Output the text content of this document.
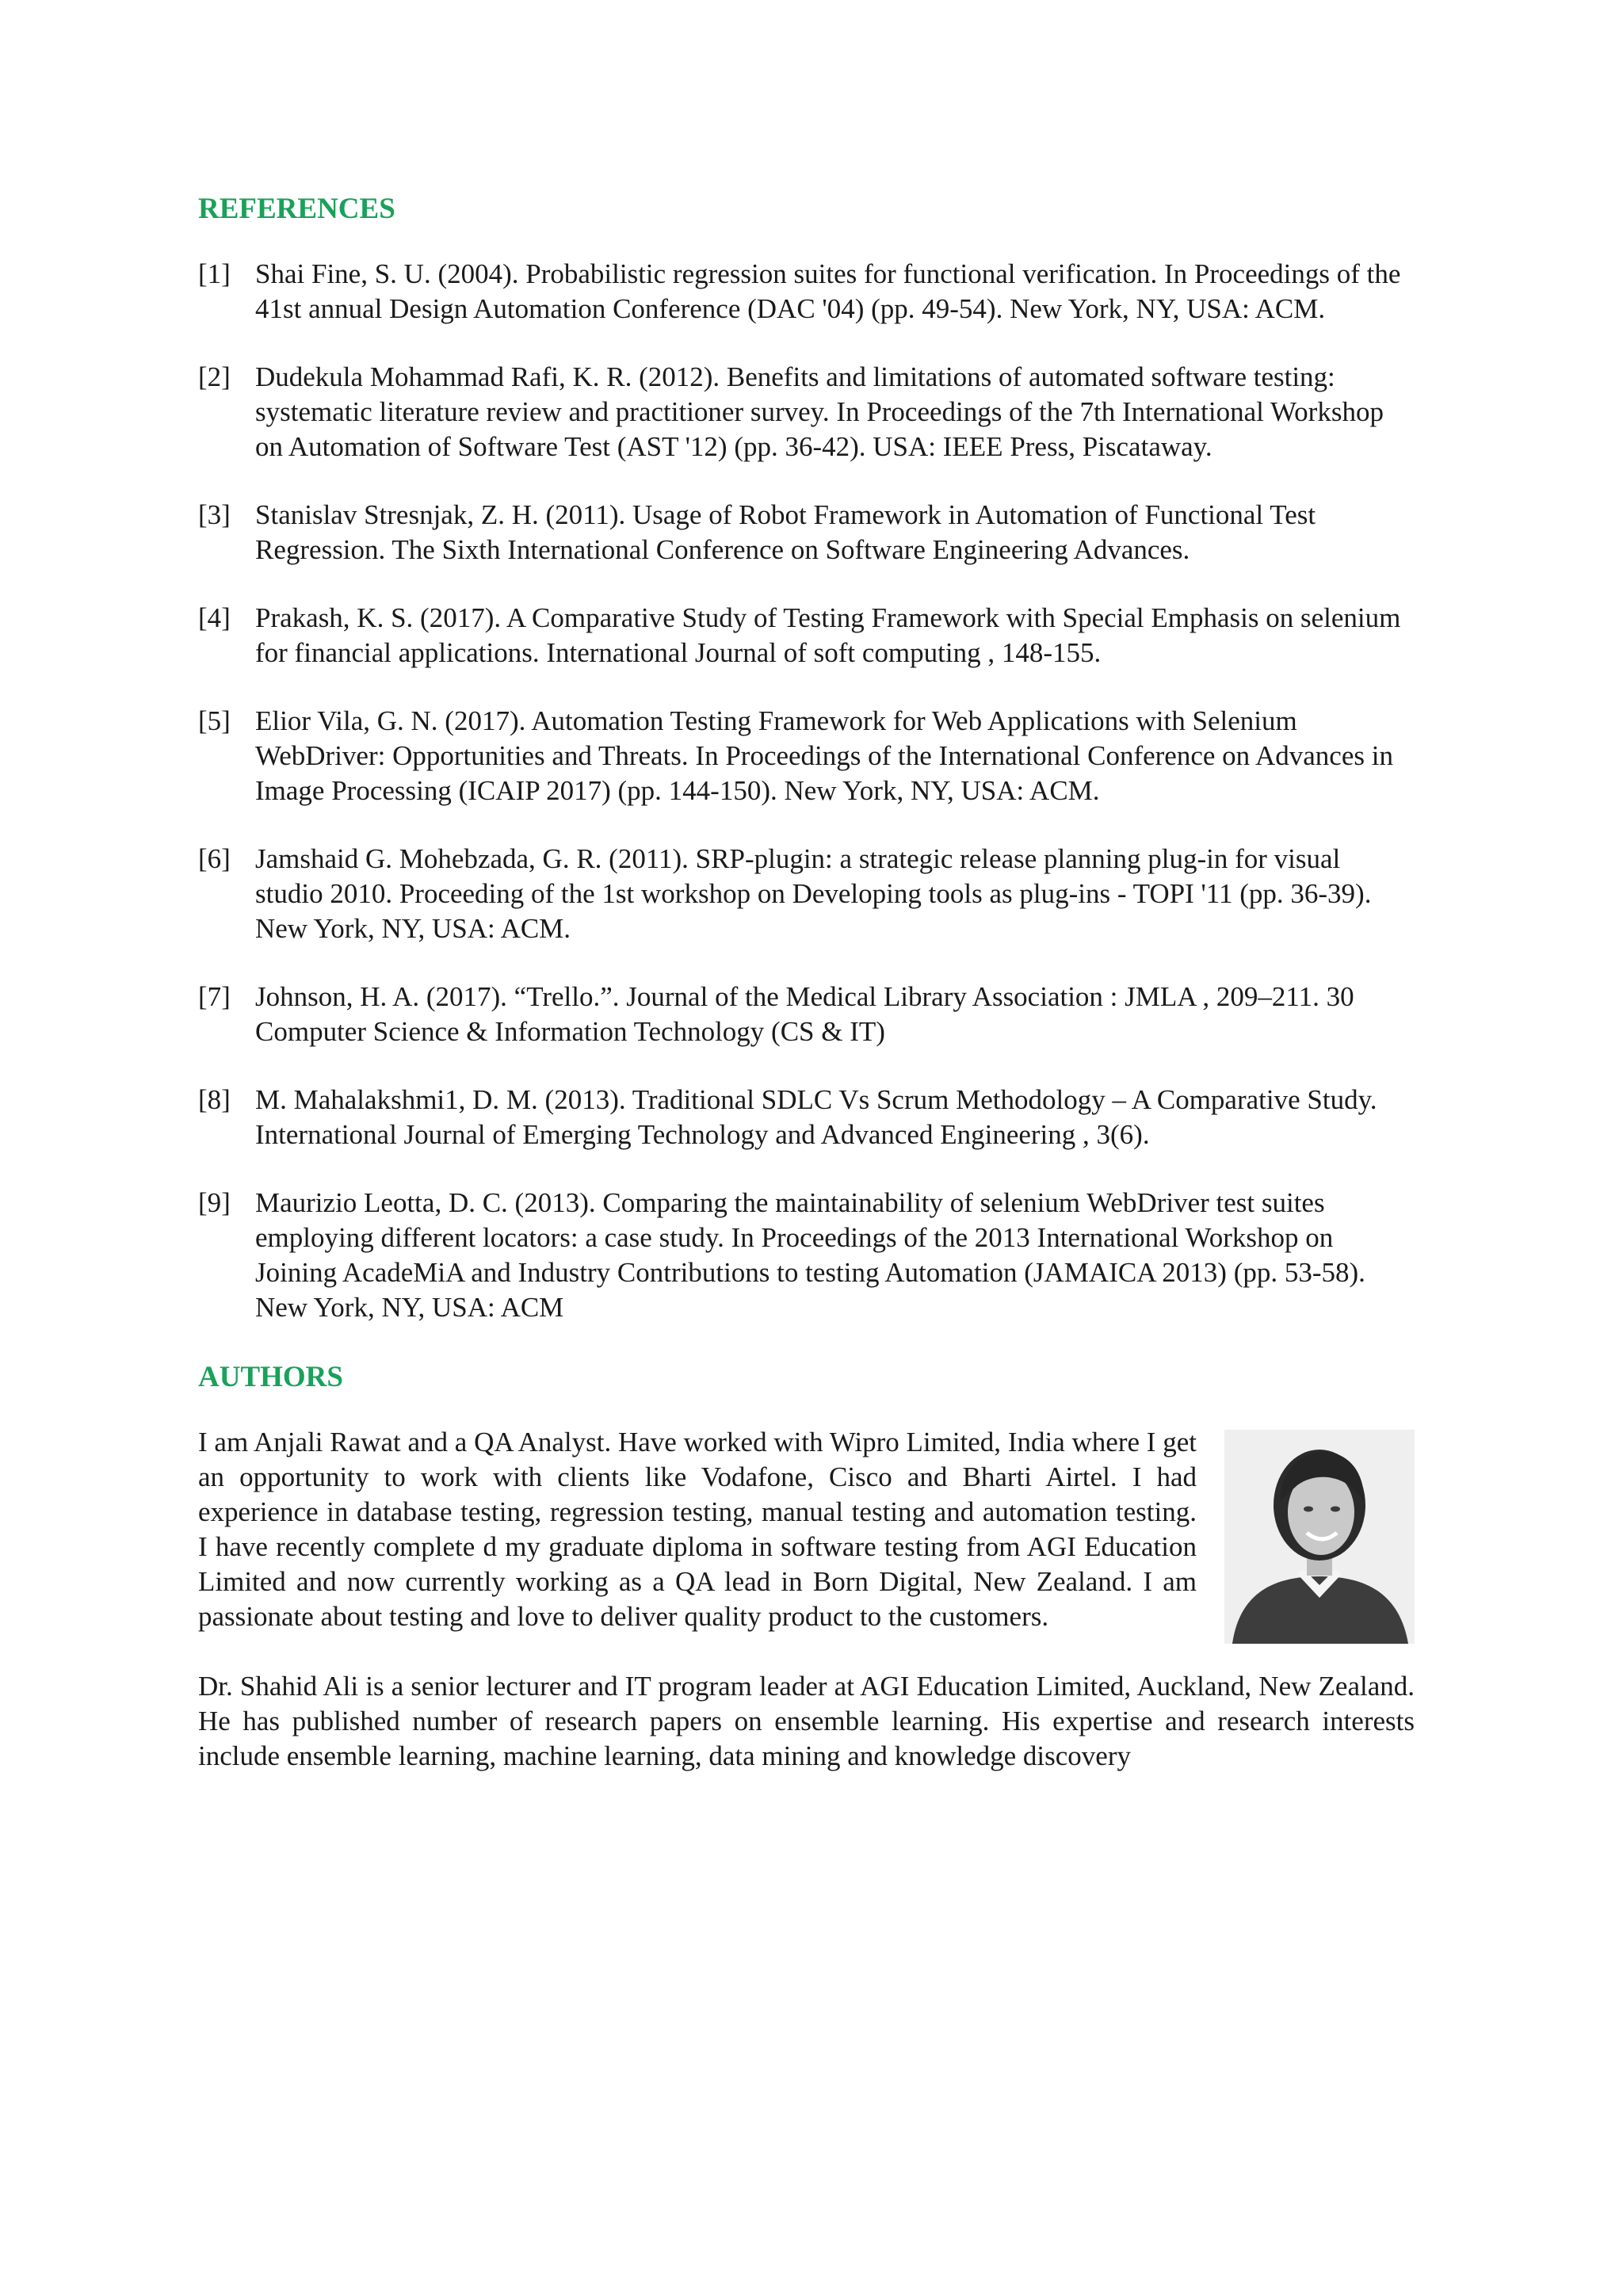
REFERENCES
[1] Shai Fine, S. U. (2004). Probabilistic regression suites for functional verification. In Proceedings of the 41st annual Design Automation Conference (DAC '04) (pp. 49-54). New York, NY, USA: ACM.
[2] Dudekula Mohammad Rafi, K. R. (2012). Benefits and limitations of automated software testing: systematic literature review and practitioner survey. In Proceedings of the 7th International Workshop on Automation of Software Test (AST '12) (pp. 36-42). USA: IEEE Press, Piscataway.
[3] Stanislav Stresnjak, Z. H. (2011). Usage of Robot Framework in Automation of Functional Test Regression. The Sixth International Conference on Software Engineering Advances.
[4] Prakash, K. S. (2017). A Comparative Study of Testing Framework with Special Emphasis on selenium for financial applications. International Journal of soft computing , 148-155.
[5] Elior Vila, G. N. (2017). Automation Testing Framework for Web Applications with Selenium WebDriver: Opportunities and Threats. In Proceedings of the International Conference on Advances in Image Processing (ICAIP 2017) (pp. 144-150). New York, NY, USA: ACM.
[6] Jamshaid G. Mohebzada, G. R. (2011). SRP-plugin: a strategic release planning plug-in for visual studio 2010. Proceeding of the 1st workshop on Developing tools as plug-ins - TOPI '11 (pp. 36-39). New York, NY, USA: ACM.
[7] Johnson, H. A. (2017). “Trello.”. Journal of the Medical Library Association : JMLA , 209–211. 30 Computer Science & Information Technology (CS & IT)
[8] M. Mahalakshmi1, D. M. (2013). Traditional SDLC Vs Scrum Methodology – A Comparative Study. International Journal of Emerging Technology and Advanced Engineering , 3(6).
[9] Maurizio Leotta, D. C. (2013). Comparing the maintainability of selenium WebDriver test suites employing different locators: a case study. In Proceedings of the 2013 International Workshop on Joining AcadeMiA and Industry Contributions to testing Automation (JAMAICA 2013) (pp. 53-58). New York, NY, USA: ACM
AUTHORS
I am Anjali Rawat and a QA Analyst. Have worked with Wipro Limited, India where I get an opportunity to work with clients like Vodafone, Cisco and Bharti Airtel. I had experience in database testing, regression testing, manual testing and automation testing. I have recently complete d my graduate diploma in software testing from AGI Education Limited and now currently working as a QA lead in Born Digital, New Zealand. I am passionate about testing and love to deliver quality product to the customers.
Dr. Shahid Ali is a senior lecturer and IT program leader at AGI Education Limited, Auckland, New Zealand. He has published number of research papers on ensemble learning. His expertise and research interests include ensemble learning, machine learning, data mining and knowledge discovery
